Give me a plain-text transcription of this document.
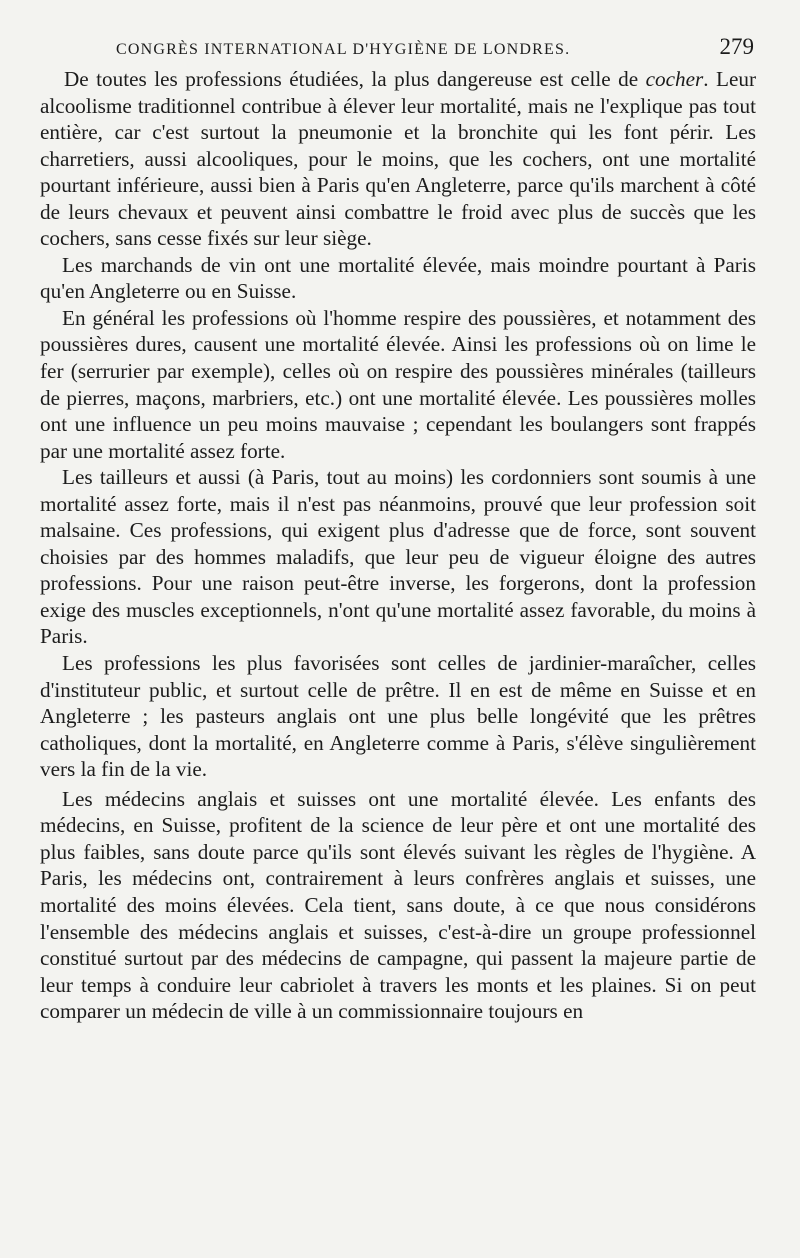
CONGRÈS INTERNATIONAL D'HYGIÈNE DE LONDRES.	279

De toutes les professions étudiées, la plus dangereuse est celle de cocher. Leur alcoolisme traditionnel contribue à élever leur mortalité, mais ne l'explique pas tout entière, car c'est surtout la pneumonie et la bronchite qui les font périr. Les charretiers, aussi alcooliques, pour le moins, que les cochers, ont une mortalité pourtant inférieure, aussi bien à Paris qu'en Angleterre, parce qu'ils marchent à côté de leurs chevaux et peuvent ainsi combattre le froid avec plus de succès que les cochers, sans cesse fixés sur leur siège.

Les marchands de vin ont une mortalité élevée, mais moindre pourtant à Paris qu'en Angleterre ou en Suisse.

En général les professions où l'homme respire des poussières, et notamment des poussières dures, causent une mortalité élevée. Ainsi les professions où on lime le fer (serrurier par exemple), celles où on respire des poussières minérales (tailleurs de pierres, maçons, marbriers, etc.) ont une mortalité élevée. Les poussières molles ont une influence un peu moins mauvaise ; cependant les boulangers sont frappés par une mortalité assez forte.

Les tailleurs et aussi (à Paris, tout au moins) les cordonniers sont soumis à une mortalité assez forte, mais il n'est pas néanmoins, prouvé que leur profession soit malsaine. Ces professions, qui exigent plus d'adresse que de force, sont souvent choisies par des hommes maladifs, que leur peu de vigueur éloigne des autres professions. Pour une raison peut-être inverse, les forgerons, dont la profession exige des muscles exceptionnels, n'ont qu'une mortalité assez favorable, du moins à Paris.

Les professions les plus favorisées sont celles de jardinier-maraîcher, celles d'instituteur public, et surtout celle de prêtre. Il en est de même en Suisse et en Angleterre ; les pasteurs anglais ont une plus belle longévité que les prêtres catholiques, dont la mortalité, en Angleterre comme à Paris, s'élève singulièrement vers la fin de la vie.

Les médecins anglais et suisses ont une mortalité élevée. Les enfants des médecins, en Suisse, profitent de la science de leur père et ont une mortalité des plus faibles, sans doute parce qu'ils sont élevés suivant les règles de l'hygiène. A Paris, les médecins ont, contrairement à leurs confrères anglais et suisses, une mortalité des moins élevées. Cela tient, sans doute, à ce que nous considérons l'ensemble des médecins anglais et suisses, c'est-à-dire un groupe professionnel constitué surtout par des médecins de campagne, qui passent la majeure partie de leur temps à conduire leur cabriolet à travers les monts et les plaines. Si on peut comparer un médecin de ville à un commissionnaire toujours en
